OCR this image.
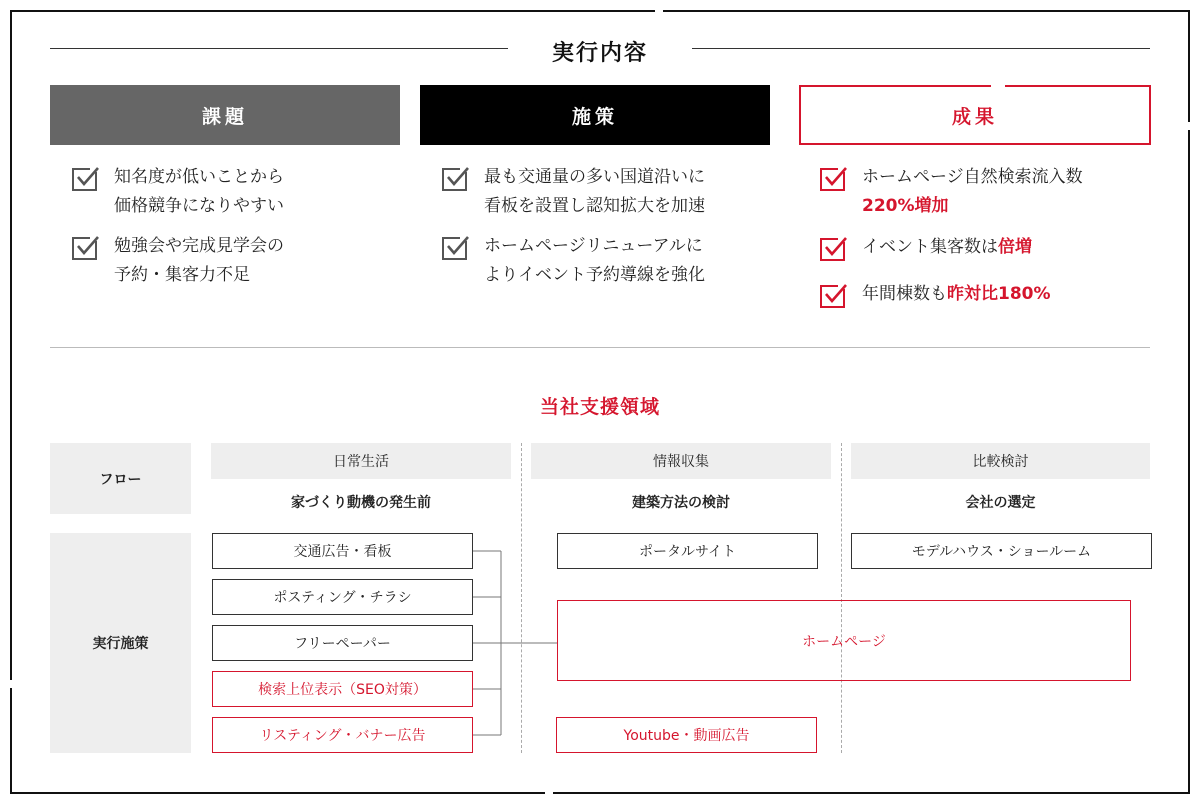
実行内容
課題	施策	成果
知名度が低いことから
価格競争になりやすい
勉強会や完成見学会の
予約・集客力不足
最も交通量の多い国道沿いに
看板を設置し認知拡大を加速
ホームページリニューアルに
よりイベント予約導線を強化
ホームページ自然検索流入数
220%増加
イベント集客数は倍増
年間棟数も昨対比180%
当社支援領域
フロー
実行施策
日常生活	情報収集	比較検討
家づくり動機の発生前	建築方法の検討	会社の選定
交通広告・看板
ポスティング・チラシ
フリーペーパー
検索上位表示（SEO対策）
リスティング・バナー広告
ポータルサイト
Youtube・動画広告
モデルハウス・ショールーム
ホームページ
